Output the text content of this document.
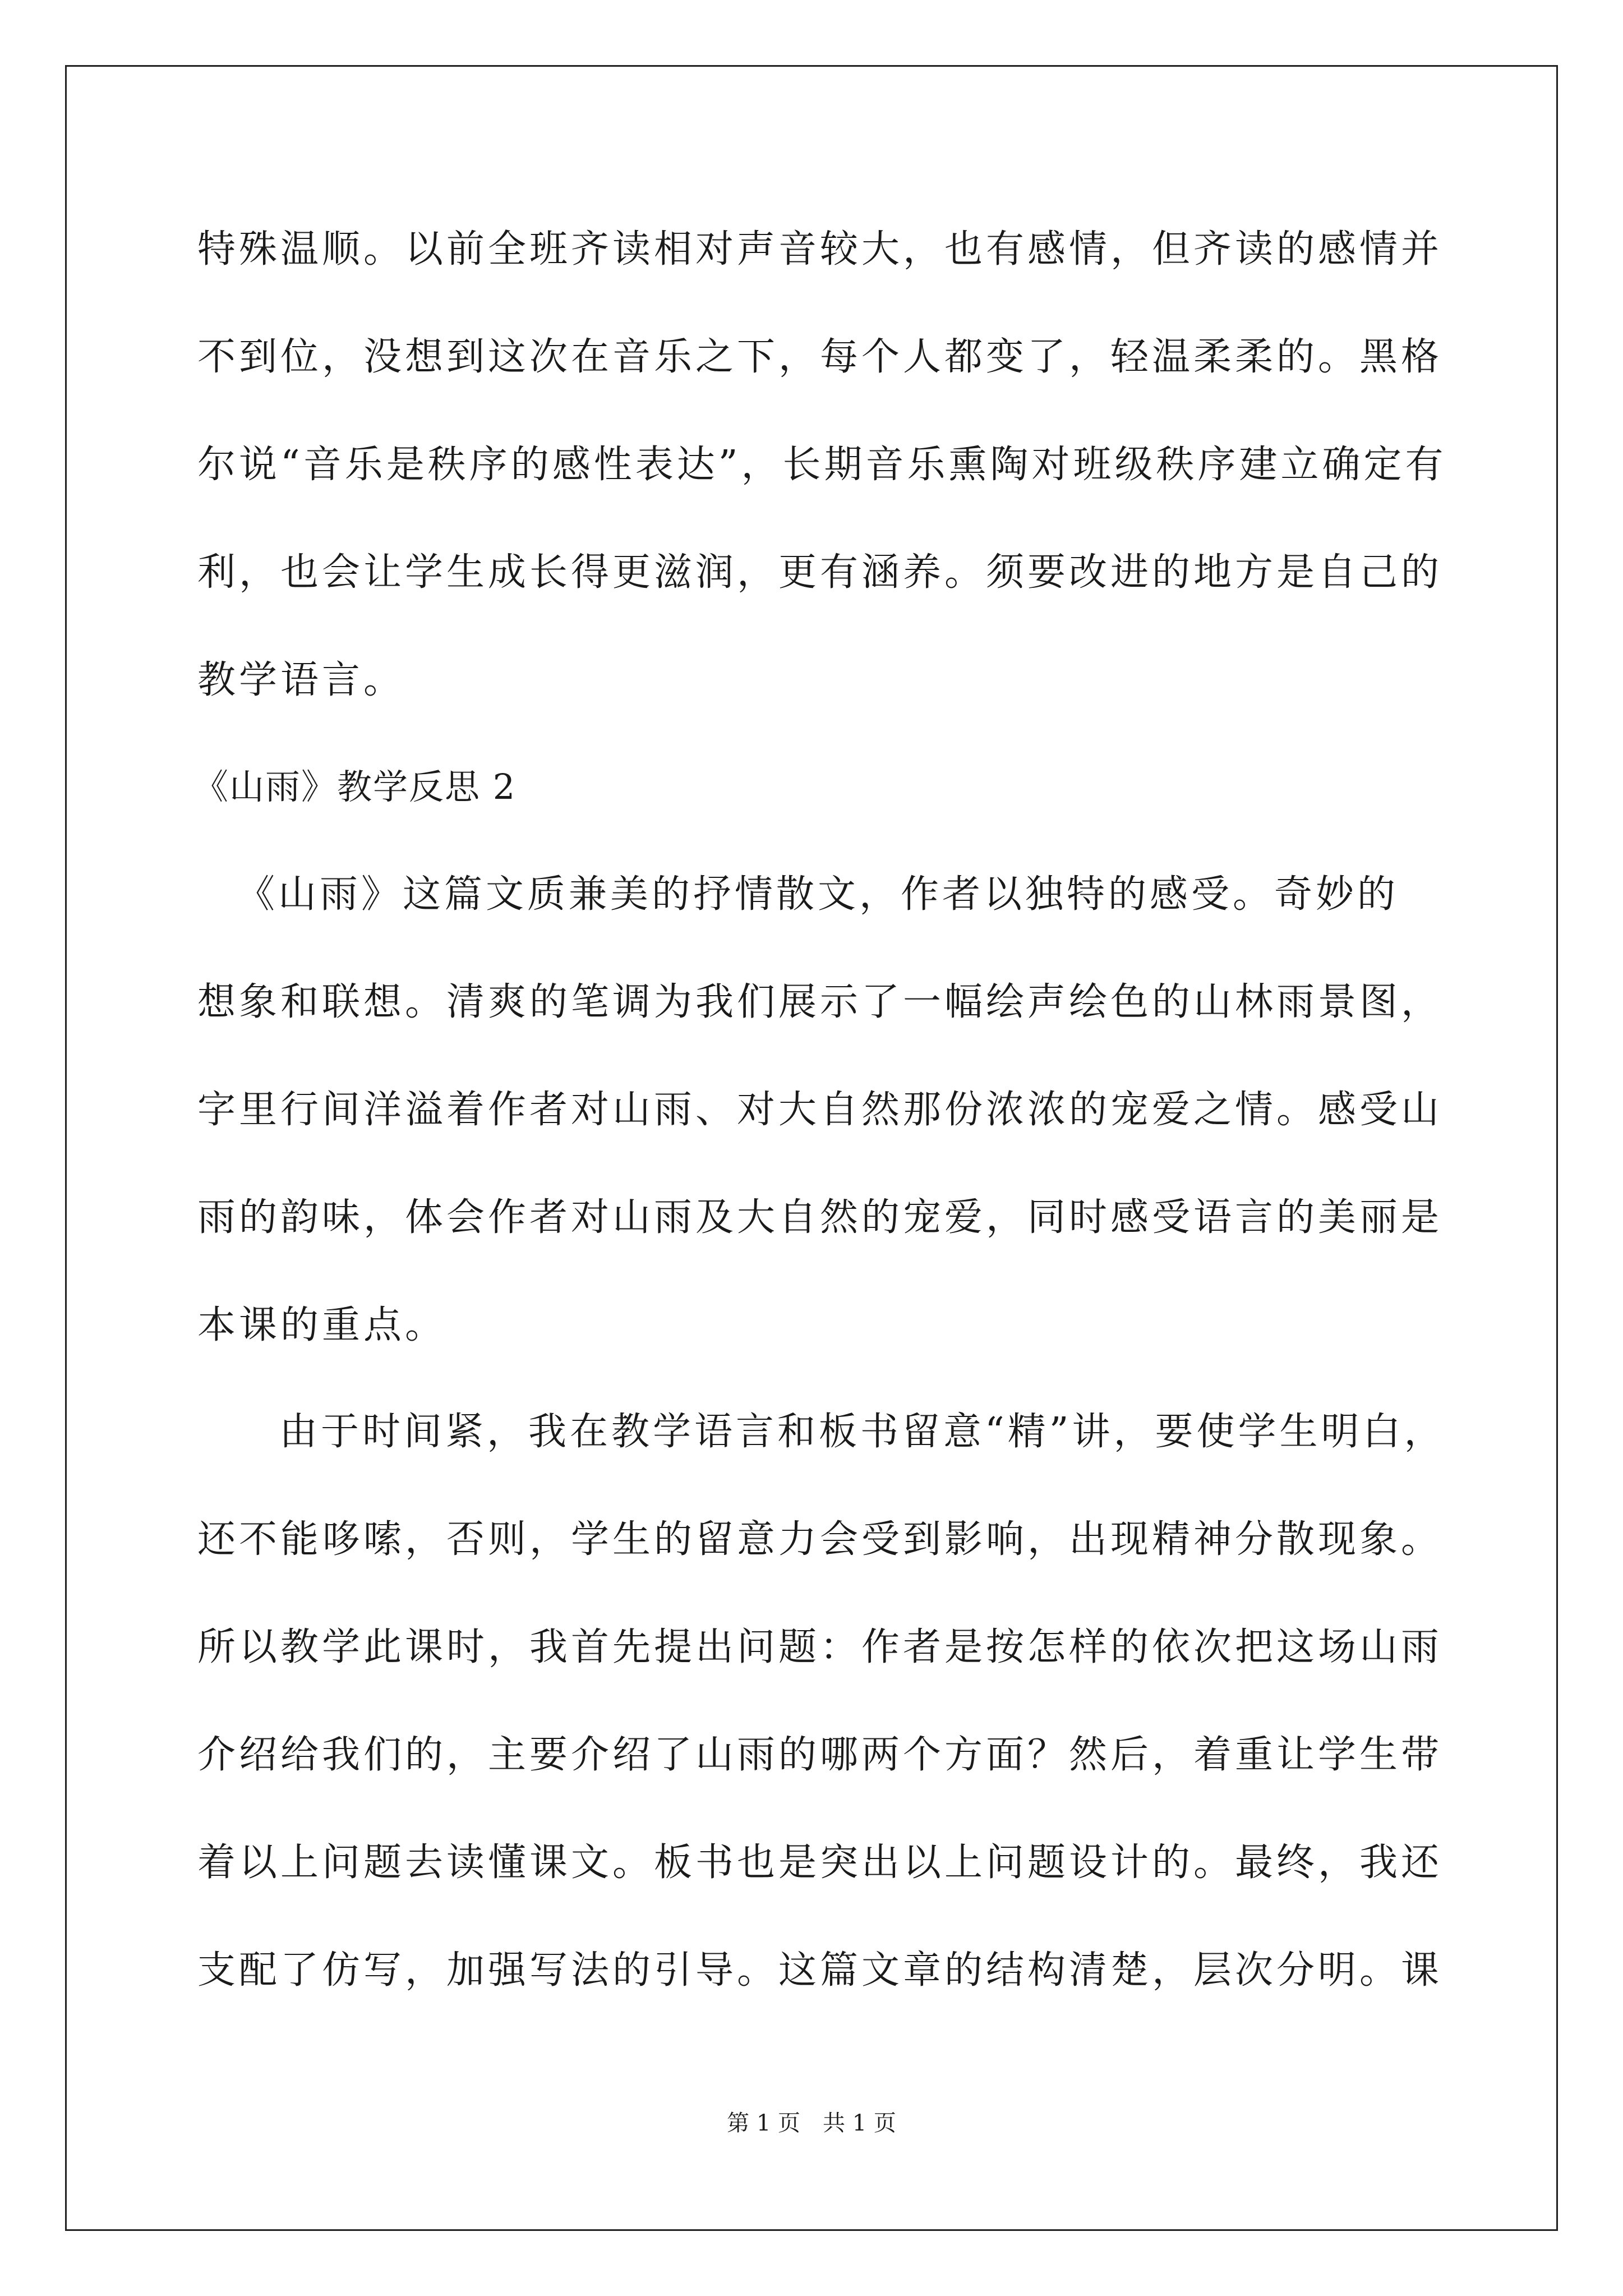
特殊温顺。以前全班齐读相对声音较大，也有感情，但齐读的感情并
不到位，没想到这次在音乐之下，每个人都变了，轻温柔柔的。黑格
尔说“音乐是秩序的感性表达”，长期音乐熏陶对班级秩序建立确定有
利，也会让学生成长得更滋润，更有涵养。须要改进的地方是自己的
教学语言。
《山雨》教学反思 2
《山雨》这篇文质兼美的抒情散文，作者以独特的感受。奇妙的
想象和联想。清爽的笔调为我们展示了一幅绘声绘色的山林雨景图，
字里行间洋溢着作者对山雨、对大自然那份浓浓的宠爱之情。感受山
雨的韵味，体会作者对山雨及大自然的宠爱，同时感受语言的美丽是
本课的重点。
由于时间紧，我在教学语言和板书留意“精”讲，要使学生明白，
还不能哆嗦，否则，学生的留意力会受到影响，出现精神分散现象。
所以教学此课时，我首先提出问题：作者是按怎样的依次把这场山雨
介绍给我们的，主要介绍了山雨的哪两个方面？然后，着重让学生带
着以上问题去读懂课文。板书也是突出以上问题设计的。最终，我还
支配了仿写，加强写法的引导。这篇文章的结构清楚，层次分明。课
第 1 页　共 1 页
